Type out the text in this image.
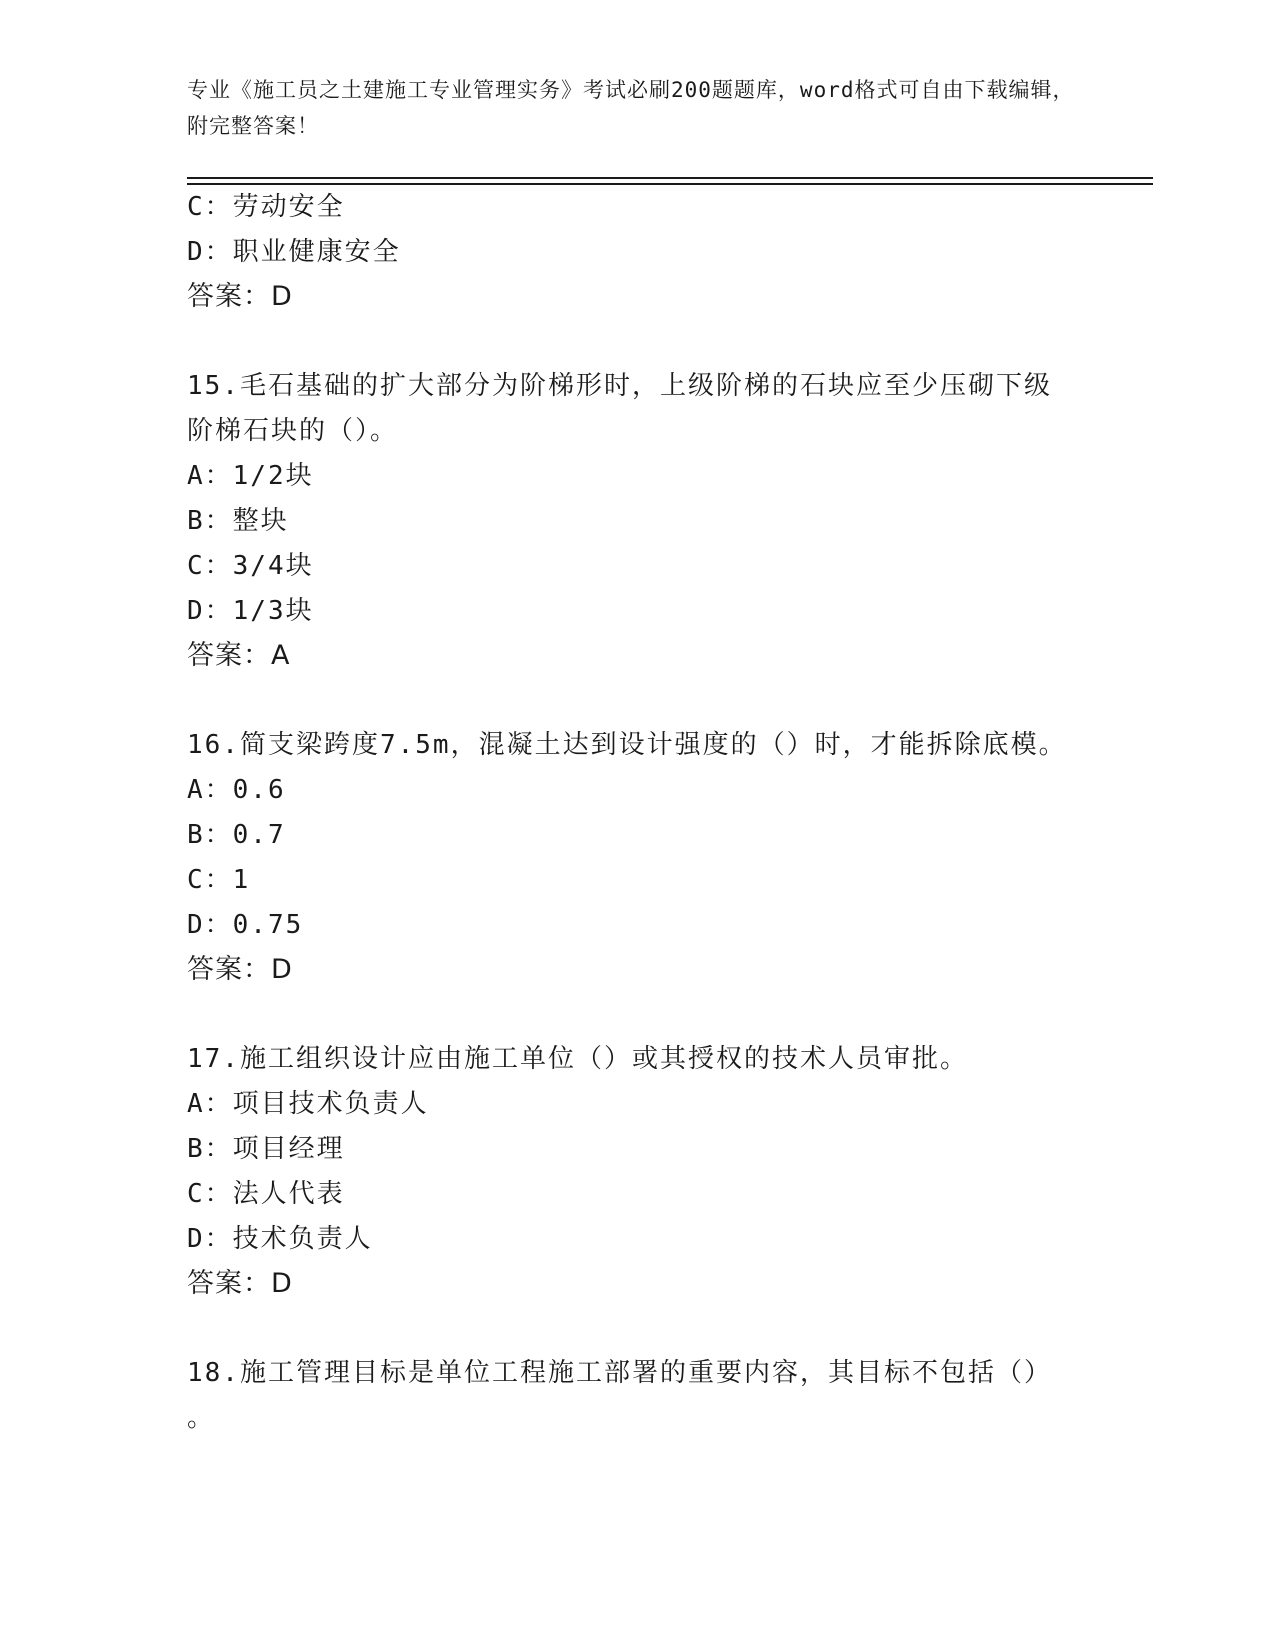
专业《施工员之土建施工专业管理实务》考试必刷200题题库，word格式可自由下载编辑，附完整答案！
C：劳动安全
D：职业健康安全
答案：D
15.毛石基础的扩大部分为阶梯形时，上级阶梯的石块应至少压砌下级
阶梯石块的（）。
A：1/2块
B：整块
C：3/4块
D：1/3块
答案：A
16.简支梁跨度7.5m，混凝土达到设计强度的（）时，才能拆除底模。
A：0.6
B：0.7
C：1
D：0.75
答案：D
17.施工组织设计应由施工单位（）或其授权的技术人员审批。
A：项目技术负责人
B：项目经理
C：法人代表
D：技术负责人
答案：D
18.施工管理目标是单位工程施工部署的重要内容，其目标不包括（）
。
